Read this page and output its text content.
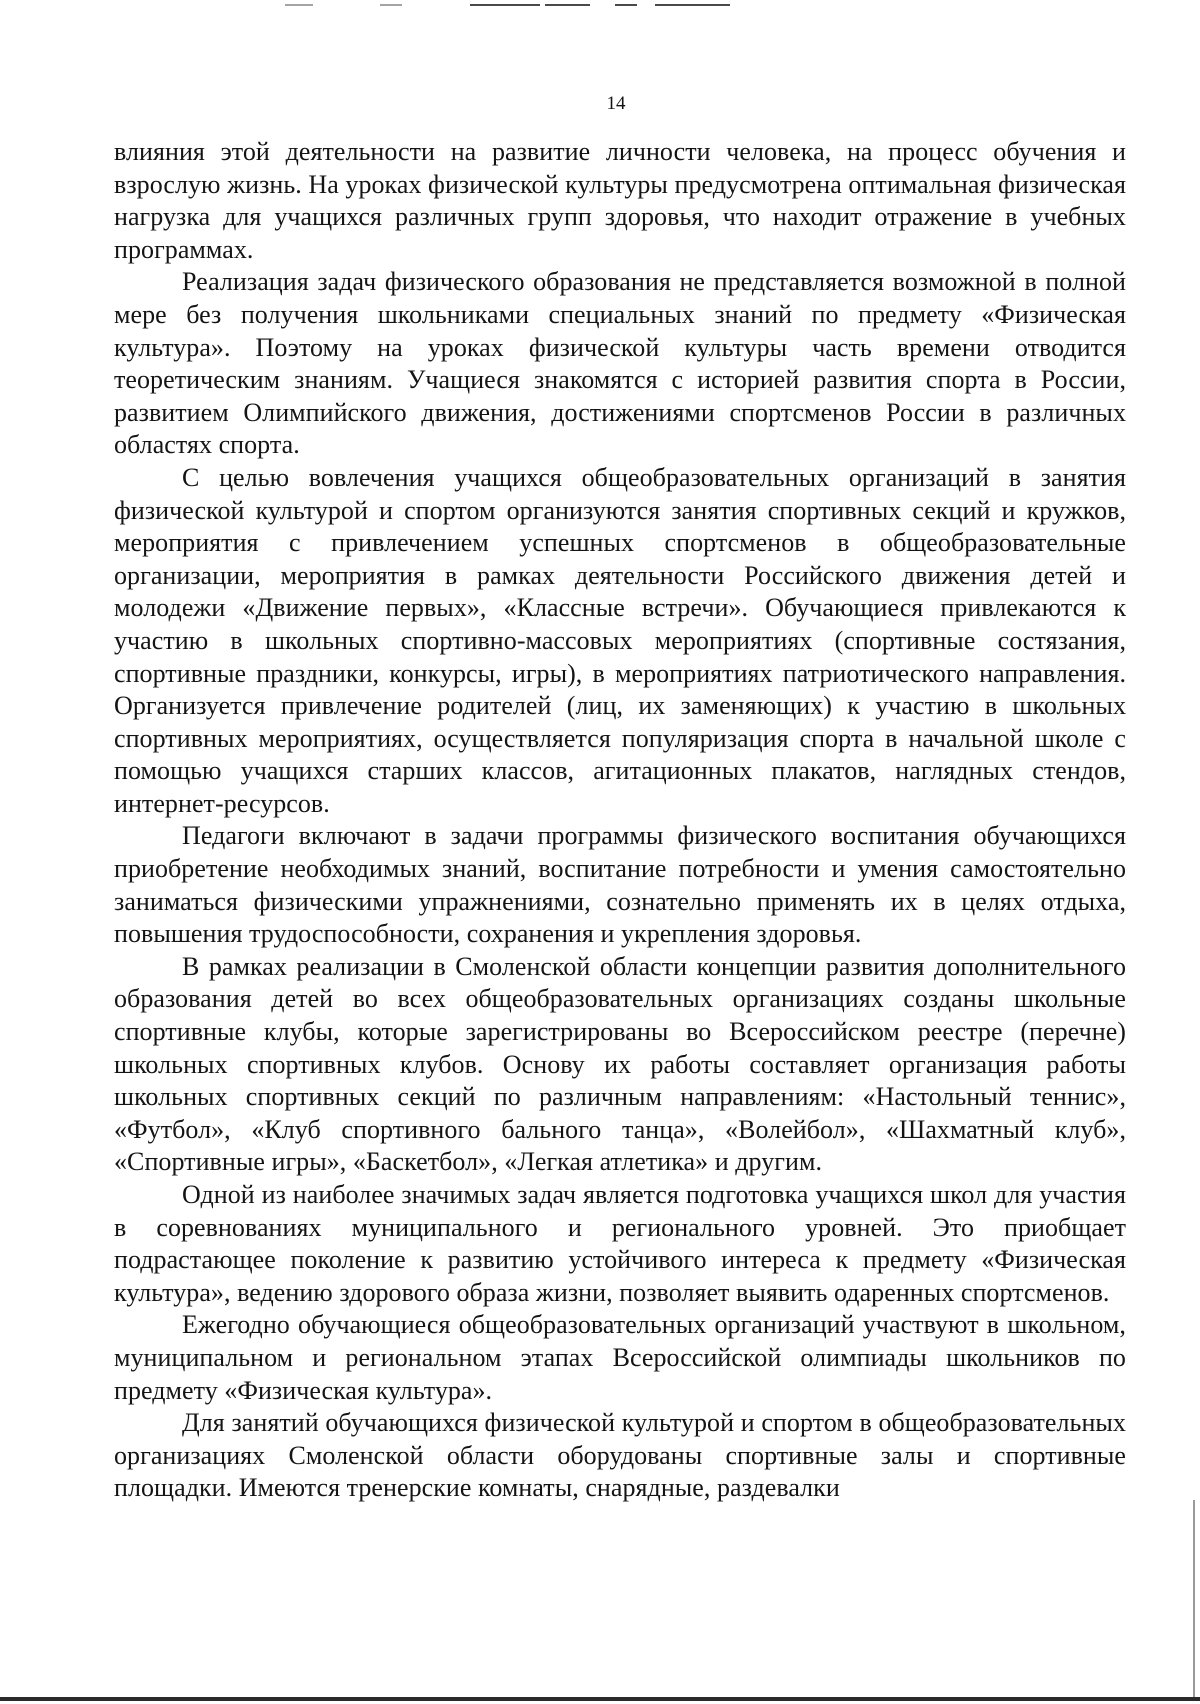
14

влияния этой деятельности на развитие личности человека, на процесс обучения и взрослую жизнь. На уроках физической культуры предусмотрена оптимальная физическая нагрузка для учащихся различных групп здоровья, что находит отражение в учебных программах.

Реализация задач физического образования не представляется возможной в полной мере без получения школьниками специальных знаний по предмету «Физическая культура». Поэтому на уроках физической культуры часть времени отводится теоретическим знаниям. Учащиеся знакомятся с историей развития спорта в России, развитием Олимпийского движения, достижениями спортсменов России в различных областях спорта.

С целью вовлечения учащихся общеобразовательных организаций в занятия физической культурой и спортом организуются занятия спортивных секций и кружков, мероприятия с привлечением успешных спортсменов в общеобразовательные организации, мероприятия в рамках деятельности Российского движения детей и молодежи «Движение первых», «Классные встречи». Обучающиеся привлекаются к участию в школьных спортивно-массовых мероприятиях (спортивные состязания, спортивные праздники, конкурсы, игры), в мероприятиях патриотического направления. Организуется привлечение родителей (лиц, их заменяющих) к участию в школьных спортивных мероприятиях, осуществляется популяризация спорта в начальной школе с помощью учащихся старших классов, агитационных плакатов, наглядных стендов, интернет-ресурсов.

Педагоги включают в задачи программы физического воспитания обучающихся приобретение необходимых знаний, воспитание потребности и умения самостоятельно заниматься физическими упражнениями, сознательно применять их в целях отдыха, повышения трудоспособности, сохранения и укрепления здоровья.

В рамках реализации в Смоленской области концепции развития дополнительного образования детей во всех общеобразовательных организациях созданы школьные спортивные клубы, которые зарегистрированы во Всероссийском реестре (перечне) школьных спортивных клубов. Основу их работы составляет организация работы школьных спортивных секций по различным направлениям: «Настольный теннис», «Футбол», «Клуб спортивного бального танца», «Волейбол», «Шахматный клуб», «Спортивные игры», «Баскетбол», «Легкая атлетика» и другим.

Одной из наиболее значимых задач является подготовка учащихся школ для участия в соревнованиях муниципального и регионального уровней. Это приобщает подрастающее поколение к развитию устойчивого интереса к предмету «Физическая культура», ведению здорового образа жизни, позволяет выявить одаренных спортсменов.

Ежегодно обучающиеся общеобразовательных организаций участвуют в школьном, муниципальном и региональном этапах Всероссийской олимпиады школьников по предмету «Физическая культура».

Для занятий обучающихся физической культурой и спортом в общеобразовательных организациях Смоленской области оборудованы спортивные залы и спортивные площадки. Имеются тренерские комнаты, снарядные, раздевалки
